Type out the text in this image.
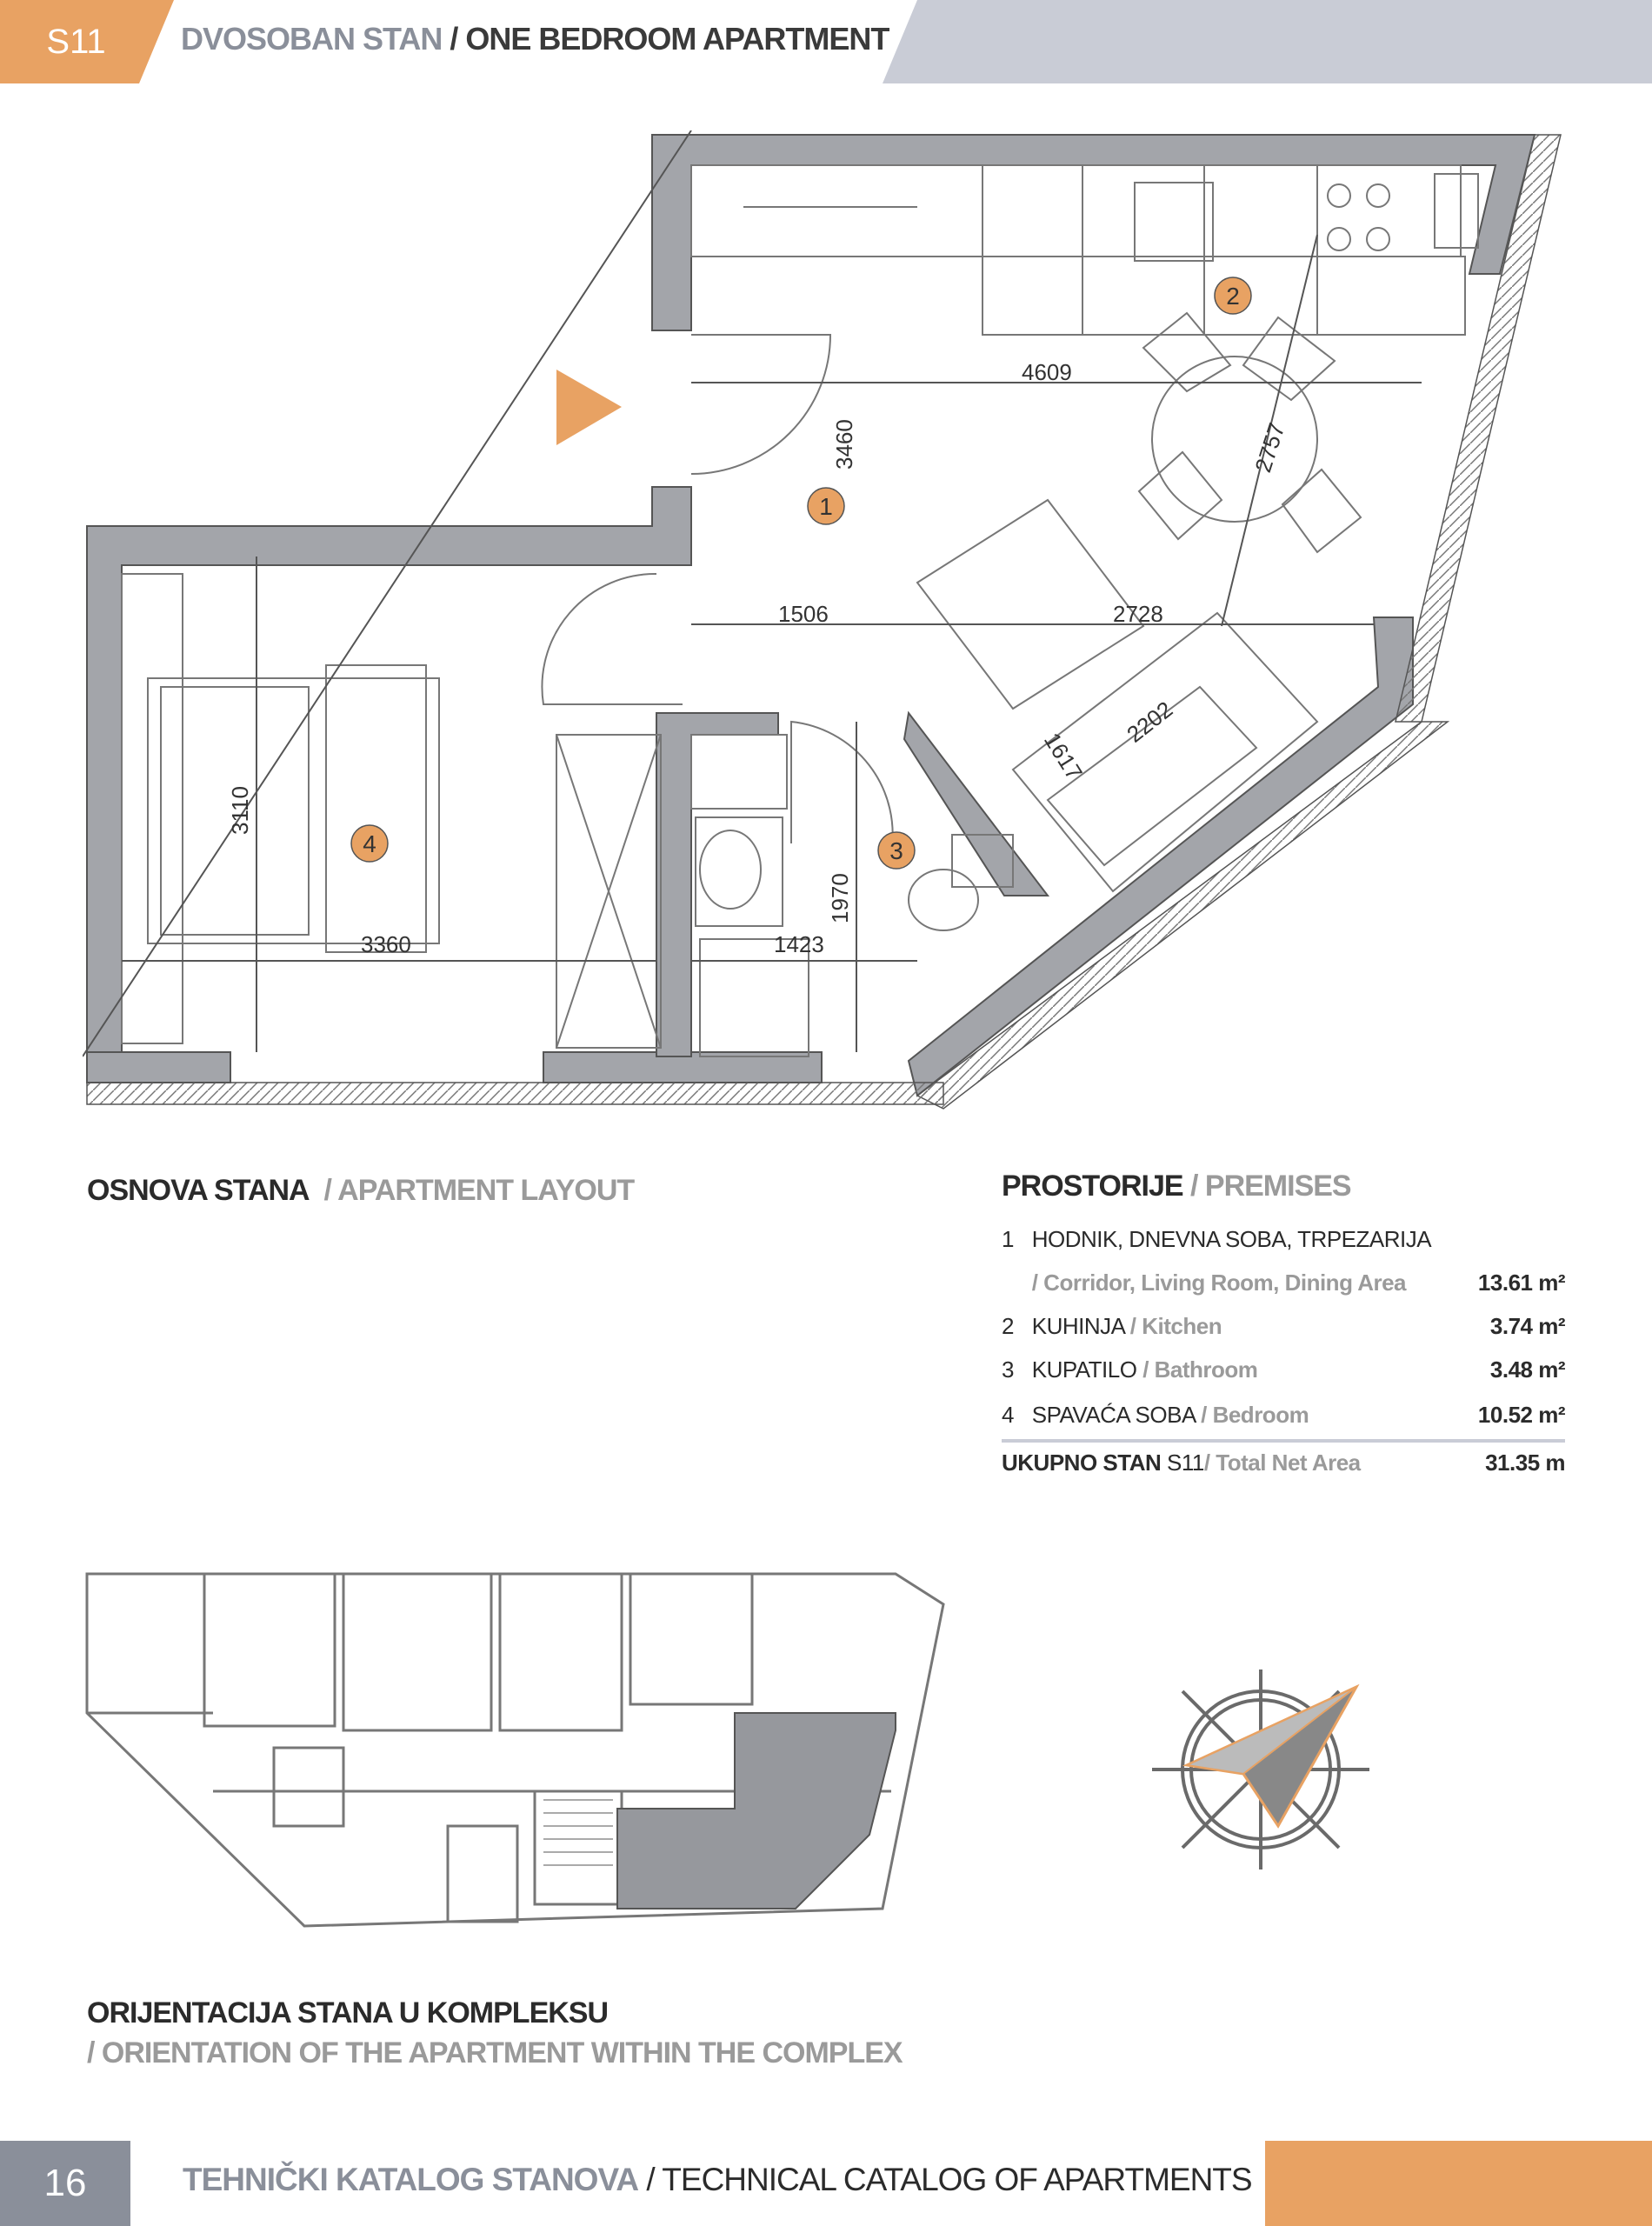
S11	DVOSOBAN STAN / ONE BEDROOM APARTMENT
4609
3460	2757
1506	2728
2202
1617
3110
3360	1423
1970
1
2
3
4
OSNOVA STANA / APARTMENT LAYOUT	PROSTORIJE / PREMISES
1 HODNIK, DNEVNA SOBA, TRPEZARIJA
/ Corridor, Living Room, Dining Area	13.61 m²
2 KUHINJA / Kitchen	3.74 m²
3 KUPATILO / Bathroom	3.48 m²
4 SPAVAĆA SOBA / Bedroom	10.52 m²
UKUPNO STAN S11/ Total Net Area	31.35 m
ORIJENTACIJA STANA U KOMPLEKSU
/ ORIENTATION OF THE APARTMENT WITHIN THE COMPLEX
16	TEHNIČKI KATALOG STANOVA / TECHNICAL CATALOG OF APARTMENTS
